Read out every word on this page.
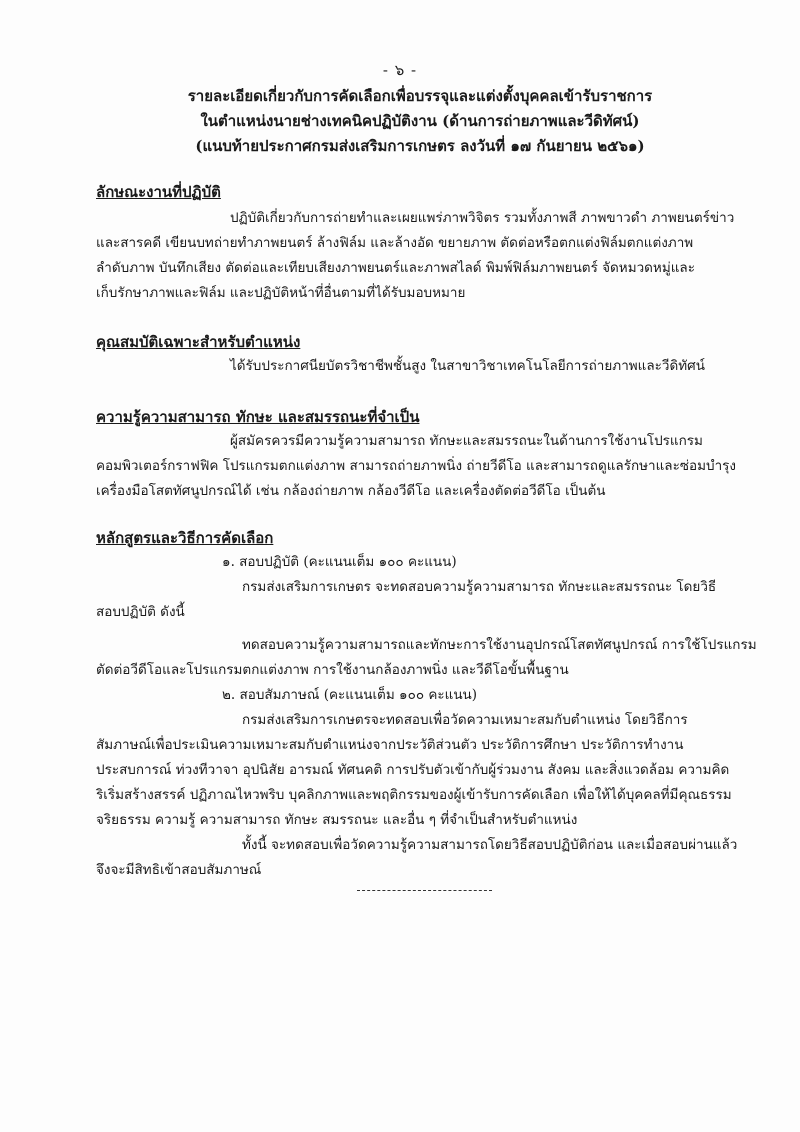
- ๖ -
รายละเอียดเกี่ยวกับการคัดเลือกเพื่อบรรจุและแต่งตั้งบุคคลเข้ารับราชการ
ในตำแหน่งนายช่างเทคนิคปฏิบัติงาน (ด้านการถ่ายภาพและวีดิทัศน์)
(แนบท้ายประกาศกรมส่งเสริมการเกษตร ลงวันที่ ๑๗ กันยายน ๒๕๖๑)
ลักษณะงานที่ปฏิบัติ
ปฏิบัติเกี่ยวกับการถ่ายทำและเผยแพร่ภาพวิจิตร รวมทั้งภาพสี ภาพขาวดำ ภาพยนตร์ข่าว
และสารคดี เขียนบทถ่ายทำภาพยนตร์ ล้างฟิล์ม และล้างอัด ขยายภาพ ตัดต่อหรือตกแต่งฟิล์มตกแต่งภาพ
ลำดับภาพ บันทึกเสียง ตัดต่อและเทียบเสียงภาพยนตร์และภาพสไลด์ พิมพ์ฟิล์มภาพยนตร์ จัดหมวดหมู่และ
เก็บรักษาภาพและฟิล์ม และปฏิบัติหน้าที่อื่นตามที่ได้รับมอบหมาย
คุณสมบัติเฉพาะสำหรับตำแหน่ง
ได้รับประกาศนียบัตรวิชาชีพชั้นสูง ในสาขาวิชาเทคโนโลยีการถ่ายภาพและวีดิทัศน์
ความรู้ความสามารถ ทักษะ และสมรรถนะที่จำเป็น
ผู้สมัครควรมีความรู้ความสามารถ ทักษะและสมรรถนะในด้านการใช้งานโปรแกรม
คอมพิวเตอร์กราฟฟิค โปรแกรมตกแต่งภาพ สามารถถ่ายภาพนิ่ง ถ่ายวีดีโอ และสามารถดูแลรักษาและซ่อมบำรุง
เครื่องมือโสตทัศนูปกรณ์ได้ เช่น กล้องถ่ายภาพ กล้องวีดีโอ และเครื่องตัดต่อวีดีโอ เป็นต้น
หลักสูตรและวิธีการคัดเลือก
๑. สอบปฏิบัติ (คะแนนเต็ม ๑๐๐ คะแนน)
กรมส่งเสริมการเกษตร จะทดสอบความรู้ความสามารถ ทักษะและสมรรถนะ โดยวิธี
สอบปฏิบัติ ดังนี้
ทดสอบความรู้ความสามารถและทักษะการใช้งานอุปกรณ์โสตทัศนูปกรณ์ การใช้โปรแกรม
ตัดต่อวีดีโอและโปรแกรมตกแต่งภาพ การใช้งานกล้องภาพนิ่ง และวีดีโอขั้นพื้นฐาน
๒. สอบสัมภาษณ์ (คะแนนเต็ม ๑๐๐ คะแนน)
กรมส่งเสริมการเกษตรจะทดสอบเพื่อวัดความเหมาะสมกับตำแหน่ง โดยวิธีการ
สัมภาษณ์เพื่อประเมินความเหมาะสมกับตำแหน่งจากประวัติส่วนตัว ประวัติการศึกษา ประวัติการทำงาน
ประสบการณ์ ท่วงทีวาจา อุปนิสัย อารมณ์ ทัศนคติ การปรับตัวเข้ากับผู้ร่วมงาน สังคม และสิ่งแวดล้อม ความคิด
ริเริ่มสร้างสรรค์ ปฏิภาณไหวพริบ บุคลิกภาพและพฤติกรรมของผู้เข้ารับการคัดเลือก เพื่อให้ได้บุคคลที่มีคุณธรรม
จริยธรรม ความรู้ ความสามารถ ทักษะ สมรรถนะ และอื่น ๆ ที่จำเป็นสำหรับตำแหน่ง
ทั้งนี้ จะทดสอบเพื่อวัดความรู้ความสามารถโดยวิธีสอบปฏิบัติก่อน และเมื่อสอบผ่านแล้ว
จึงจะมีสิทธิเข้าสอบสัมภาษณ์
